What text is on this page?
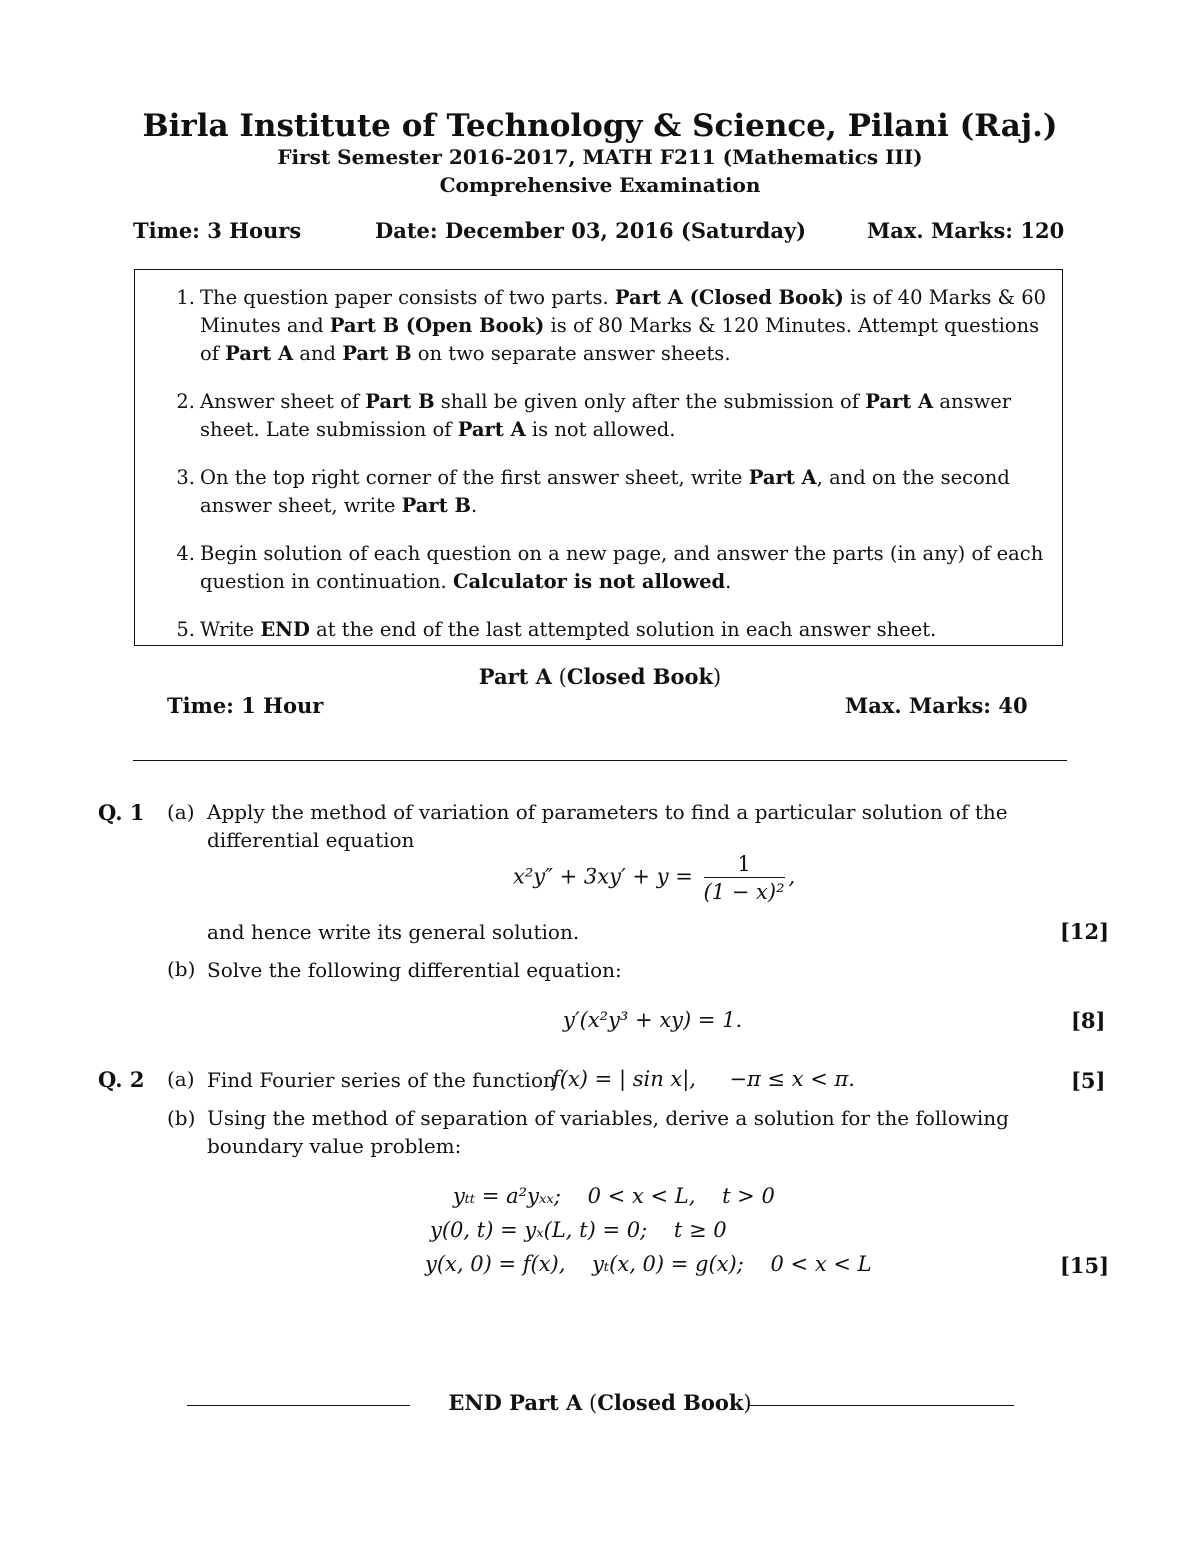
Birla Institute of Technology & Science, Pilani (Raj.)
First Semester 2016-2017, MATH F211 (Mathematics III)
Comprehensive Examination
Time: 3 Hours	Date: December 03, 2016 (Saturday)	Max. Marks: 120
1. The question paper consists of two parts. Part A (Closed Book) is of 40 Marks & 60 Minutes and Part B (Open Book) is of 80 Marks & 120 Minutes. Attempt questions of Part A and Part B on two separate answer sheets.
2. Answer sheet of Part B shall be given only after the submission of Part A answer sheet. Late submission of Part A is not allowed.
3. On the top right corner of the first answer sheet, write Part A, and on the second answer sheet, write Part B.
4. Begin solution of each question on a new page, and answer the parts (in any) of each question in continuation. Calculator is not allowed.
5. Write END at the end of the last attempted solution in each answer sheet.
Part A (Closed Book)
Time: 1 Hour	Max. Marks: 40
Q. 1 (a) Apply the method of variation of parameters to find a particular solution of the differential equation
$x^2y'' + 3xy' + y = \frac{1}{\text{(1 − x)²}}$ ,
and hence write its general solution.	[12]
(b) Solve the following differential equation:
y′(x²y³ + xy) = 1.	[8]
Q. 2 (a) Find Fourier series of the function
f(x) = | sin x|,     −π ≤ x < π.	[5]
(b) Using the method of separation of variables, derive a solution for the following boundary value problem:
yₜₜ = a²yₓₓ;    0 < x < L,    t > 0
y(0, t) = yₓ(L, t) = 0;    t ≥ 0
y(x, 0) = f(x),    yₜ(x, 0) = g(x);    0 < x < L	[15]
END Part A (Closed Book)
